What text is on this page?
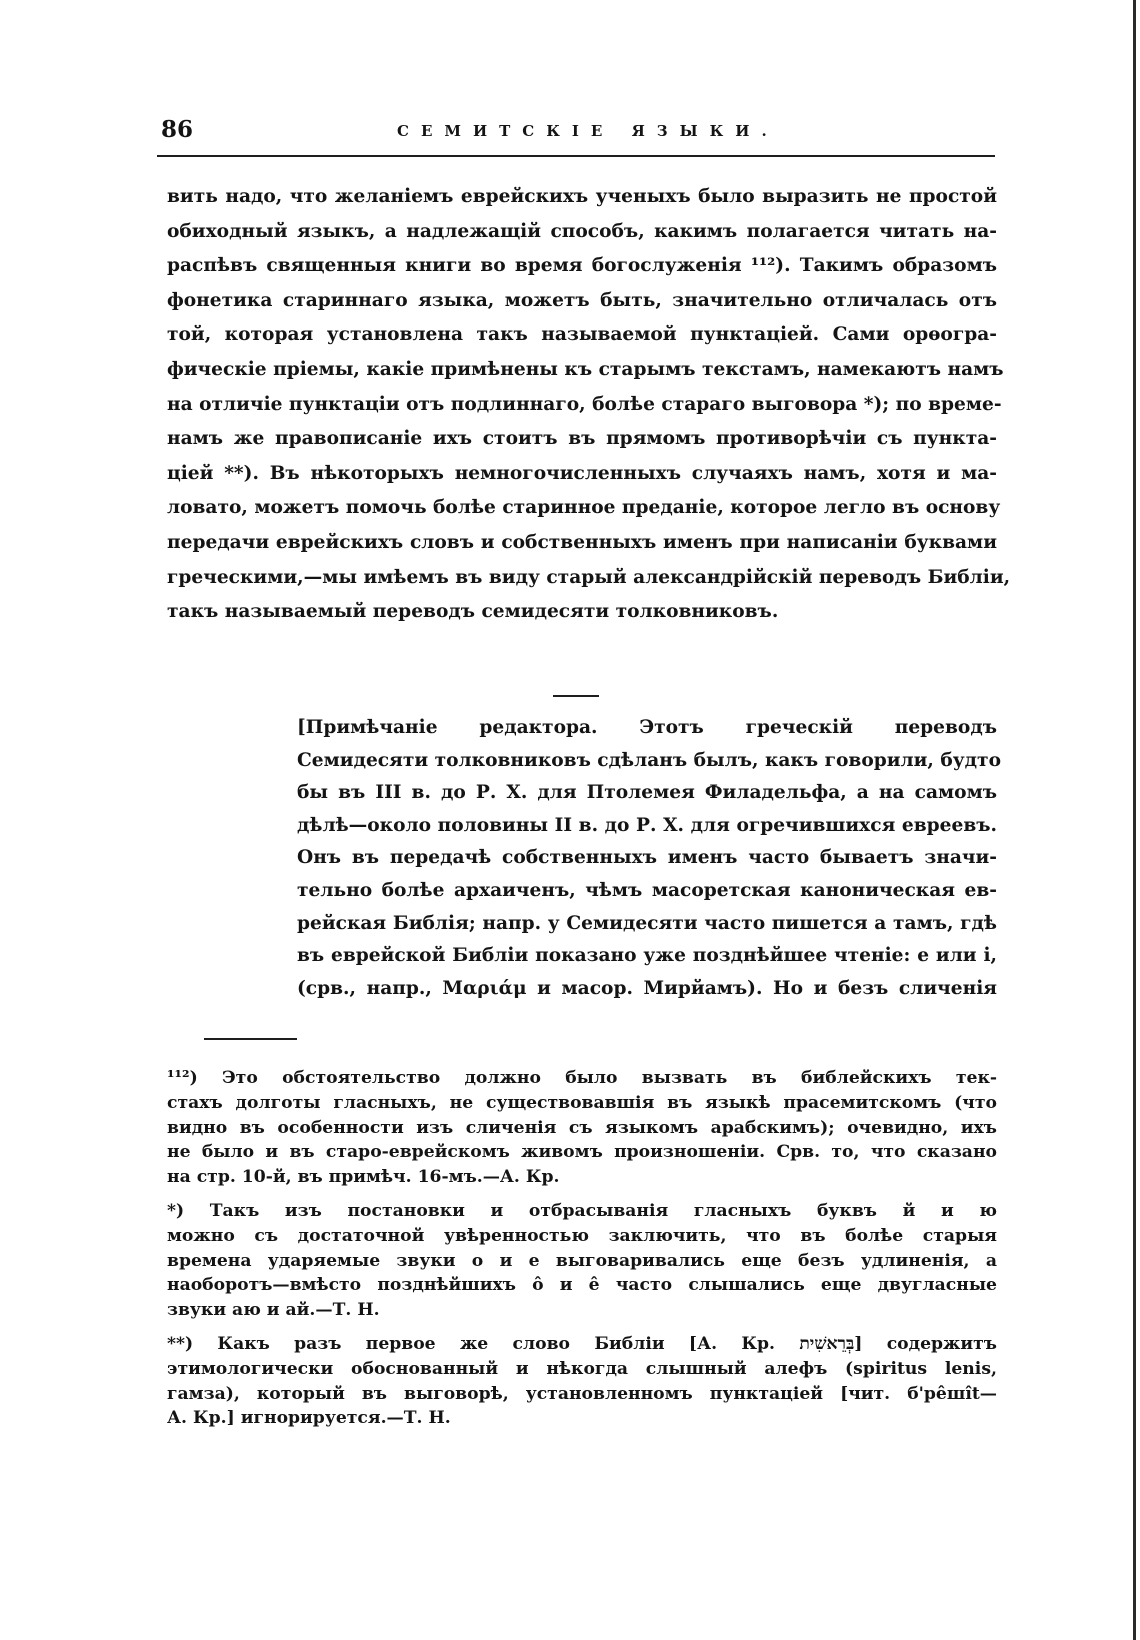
86	СЕМИТСКІЕ ЯЗЫКИ.
вить надо, что желаніемъ еврейскихъ ученыхъ было выразить не простой
обиходный языкъ, а надлежащій способъ, какимъ полагается читать на-
распѣвъ священныя книги во время богослуженія ¹¹²). Такимъ образомъ
фонетика стариннаго языка, можетъ быть, значительно отличалась отъ
той, которая установлена такъ называемой пунктаціей. Сами орѳогра-
фическіе пріемы, какіе примѣнены къ старымъ текстамъ, намекаютъ намъ
на отличіе пунктаціи отъ подлиннаго, болѣе стараго выговора *); по време-
намъ же правописаніе ихъ стоитъ въ прямомъ противорѣчіи съ пункта-
ціей **). Въ нѣкоторыхъ немногочисленныхъ случаяхъ намъ, хотя и ма-
ловато, можетъ помочь болѣе старинное преданіе, которое легло въ основу
передачи еврейскихъ словъ и собственныхъ именъ при написаніи буквами
греческими,—мы имѣемъ въ виду старый александрійскій переводъ Библіи,
такъ называемый переводъ семидесяти толковниковъ.
[Примѣчаніе редактора. Этотъ греческій переводъ
Семидесяти толковниковъ сдѣланъ былъ, какъ говорили, будто
бы въ III в. до Р. Х. для Птолемея Филадельфа, а на самомъ
дѣлѣ—около половины II в. до Р. Х. для огречившихся евреевъ.
Онъ въ передачѣ собственныхъ именъ часто бываетъ значи-
тельно болѣе архаиченъ, чѣмъ масоретская каноническая ев-
рейская Библія; напр. у Семидесяти часто пишется а тамъ, гдѣ
въ еврейской Библіи показано уже позднѣйшее чтеніе: е или і,
(срв., напр., Μαριάμ и масор. Мирйамъ). Но и безъ сличенія
¹¹²) Это обстоятельство должно было вызвать въ библейскихъ тек-
стахъ долготы гласныхъ, не существовавшія въ языкѣ прасемитскомъ (что
видно въ особенности изъ сличенія съ языкомъ арабскимъ); очевидно, ихъ
не было и въ старо-еврейскомъ живомъ произношеніи. Срв. то, что сказано
на стр. 10-й, въ примѣч. 16-мъ.—А. Кр.
*) Такъ изъ постановки и отбрасыванія гласныхъ буквъ й и ю
можно съ достаточной увѣренностью заключить, что въ болѣе старыя
времена ударяемые звуки о и е выговаривались еще безъ удлиненія, а
наоборотъ—вмѣсто позднѣйшихъ ô и ê часто слышались еще двугласные
звуки аю и ай.—Т. Н.
**) Какъ разъ первое же слово Библіи [А. Кр. בְּרֵאשִׁית] содержитъ
этимологически обоснованный и нѣкогда слышный алефъ (spiritus lenis,
гамза), который въ выговорѣ, установленномъ пунктаціей [чит. б'рêшît—
А. Кр.] игнорируется.—Т. Н.
